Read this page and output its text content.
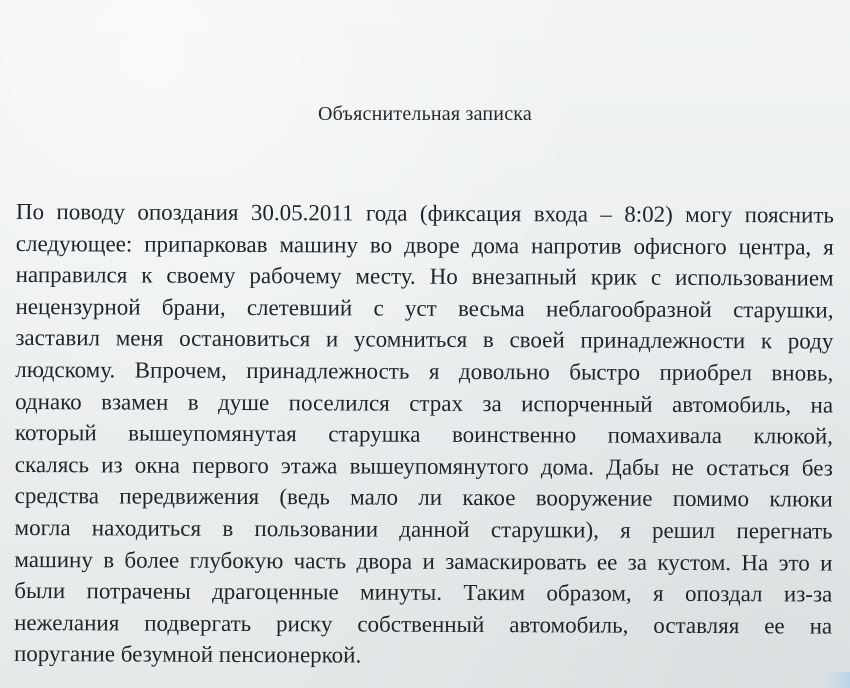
Объяснительная записка
По поводу опоздания 30.05.2011 года (фиксация входа – 8:02) могу пояснить
следующее: припарковав машину во дворе дома напротив офисного центра, я
направился к своему рабочему месту. Но внезапный крик с использованием
нецензурной брани, слетевший с уст весьма неблагообразной старушки,
заставил меня остановиться и усомниться в своей принадлежности к роду
людскому. Впрочем, принадлежность я довольно быстро приобрел вновь,
однако взамен в душе поселился страх за испорченный автомобиль, на
который вышеупомянутая старушка воинственно помахивала клюкой,
скалясь из окна первого этажа вышеупомянутого дома. Дабы не остаться без
средства передвижения (ведь мало ли какое вооружение помимо клюки
могла находиться в пользовании данной старушки), я решил перегнать
машину в более глубокую часть двора и замаскировать ее за кустом. На это и
были потрачены драгоценные минуты. Таким образом, я опоздал из-за
нежелания подвергать риску собственный автомобиль, оставляя ее на
поругание безумной пенсионеркой.
